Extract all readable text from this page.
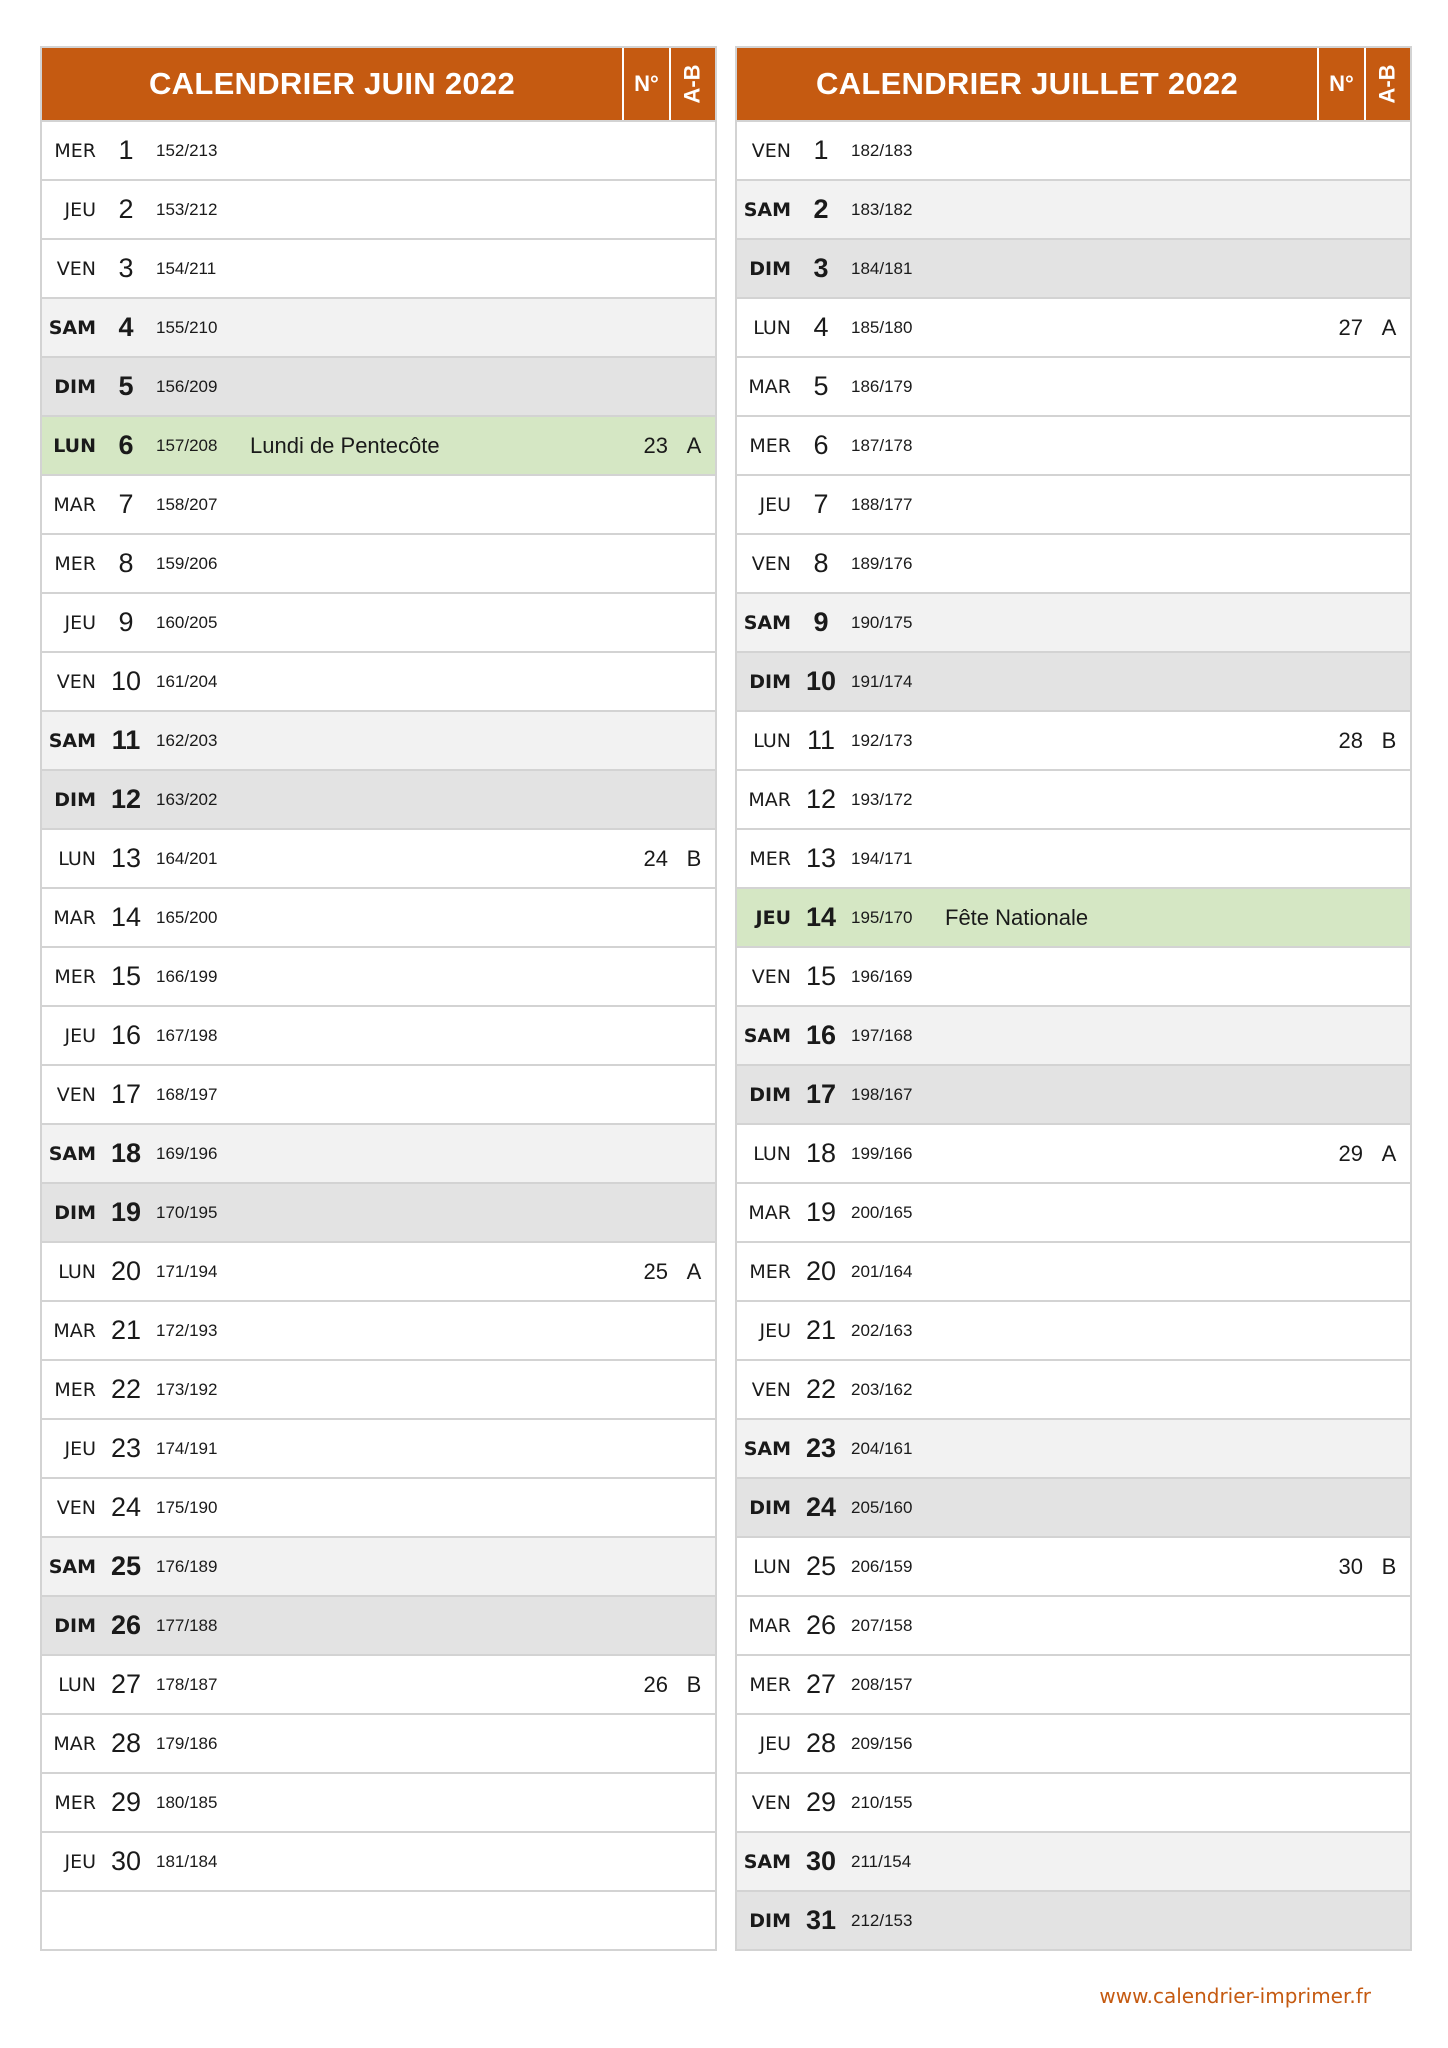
CALENDRIER JUIN 2022	N° A-B
MER 1	152/213
JEU 2	153/212
VEN 3	154/211
SAM 4	155/210
DIM 5	156/209
LUN 6	157/208	Lundi de Pentecôte	23 A
MAR 7	158/207
MER 8	159/206
JEU 9	160/205
VEN 10 161/204
SAM 11 162/203
DIM 12 163/202
LUN 13 164/201	24 B
MAR 14 165/200
MER 15 166/199
JEU 16 167/198
VEN 17 168/197
SAM 18 169/196
DIM 19 170/195
LUN 20 171/194	25 A
MAR 21 172/193
MER 22 173/192
JEU 23 174/191
VEN 24 175/190
SAM 25 176/189
DIM 26 177/188
LUN 27 178/187	26 B
MAR 28 179/186
MER 29 180/185
JEU 30 181/184
CALENDRIER JUILLET 2022	N° A-B
VEN 1	182/183
SAM 2	183/182
DIM 3	184/181
LUN 4	185/180	27 A
MAR 5	186/179
MER 6	187/178
JEU 7	188/177
VEN 8	189/176
SAM 9	190/175
DIM 10 191/174
LUN 11 192/173	28 B
MAR 12 193/172
MER 13 194/171
JEU 14 195/170	Fête Nationale
VEN 15 196/169
SAM 16 197/168
DIM 17 198/167
LUN 18 199/166	29 A
MAR 19 200/165
MER 20 201/164
JEU 21 202/163
VEN 22 203/162
SAM 23 204/161
DIM 24 205/160
LUN 25 206/159	30 B
MAR 26 207/158
MER 27 208/157
JEU 28 209/156
VEN 29 210/155
SAM 30 211/154
DIM 31 212/153
www.calendrier-imprimer.fr
